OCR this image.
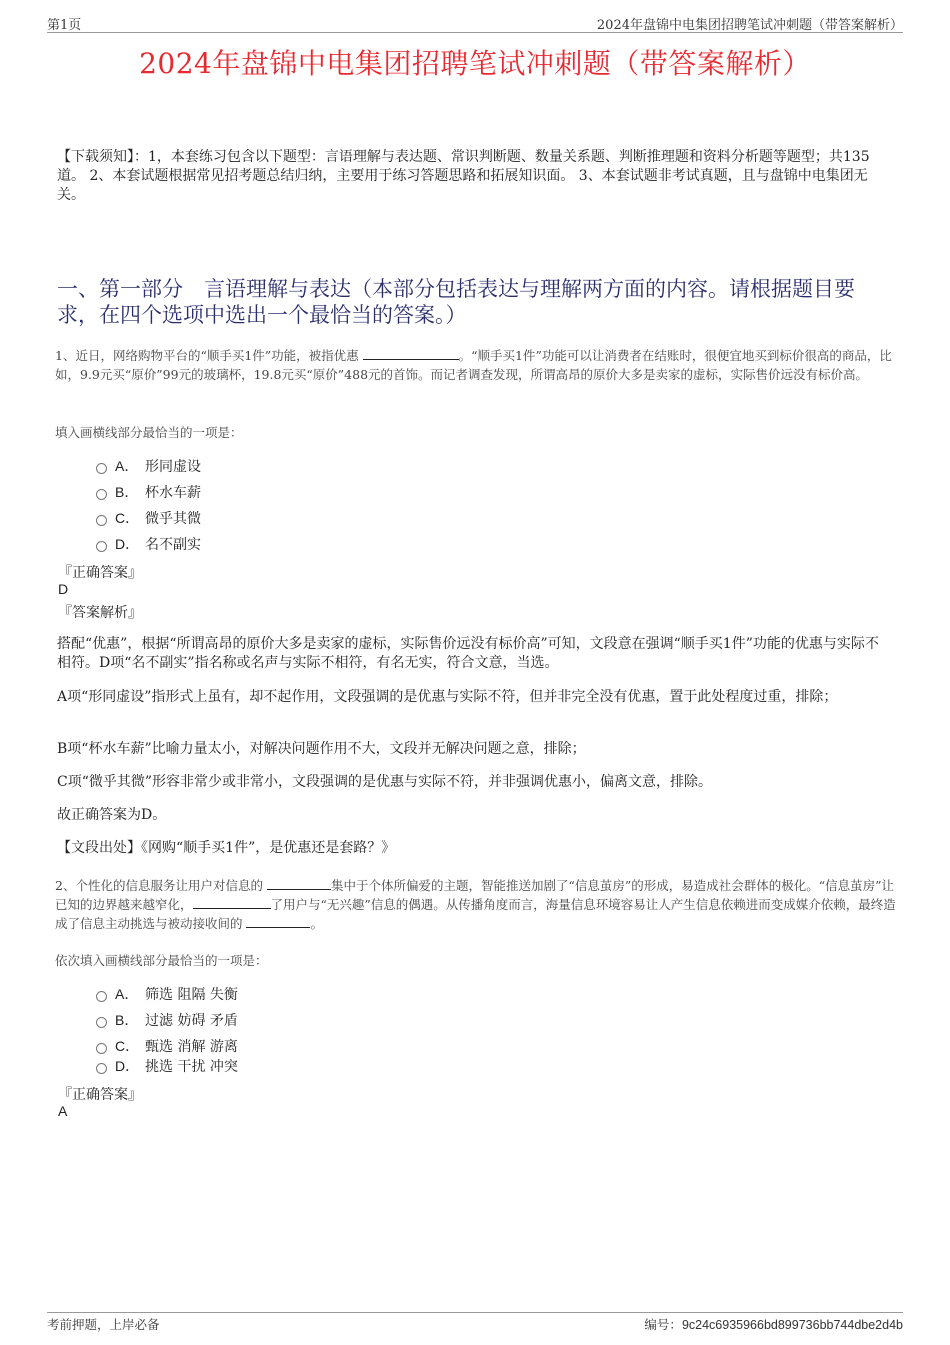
第1页	2024年盘锦中电集团招聘笔试冲刺题（带答案解析）
2024年盘锦中电集团招聘笔试冲刺题（带答案解析）
【下载须知】：1，本套练习包含以下题型：言语理解与表达题、常识判断题、数量关系题、判断推理题和资料分析题等题型；共135道。 2、本套试题根据常见招考题总结归纳，主要用于练习答题思路和拓展知识面。 3、本套试题非考试真题，且与盘锦中电集团无关。
一、第一部分　言语理解与表达（本部分包括表达与理解两方面的内容。请根据题目要求，在四个选项中选出一个最恰当的答案。）
1、近日，网络购物平台的“顺手买1件”功能，被指优惠	。“顺手买1件”功能可以让消费者在结账时，很便宜地买到标价很高的商品，比如，9.9元买“原价”99元的玻璃杯，19.8元买“原价”488元的首饰。而记者调查发现，所谓高昂的原价大多是卖家的虚标，实际售价远没有标价高。
填入画横线部分最恰当的一项是：
A． 形同虚设
B． 杯水车薪
C． 微乎其微
D． 名不副实
『正确答案』
D
『答案解析』
搭配“优惠”，根据“所谓高昂的原价大多是卖家的虚标，实际售价远没有标价高”可知，文段意在强调“顺手买1件”功能的优惠与实际不相符。D项“名不副实”指名称或名声与实际不相符，有名无实，符合文意，当选。
A项“形同虚设”指形式上虽有，却不起作用，文段强调的是优惠与实际不符，但并非完全没有优惠，置于此处程度过重，排除；
B项“杯水车薪”比喻力量太小，对解决问题作用不大，文段并无解决问题之意，排除；
C项“微乎其微”形容非常少或非常小，文段强调的是优惠与实际不符，并非强调优惠小，偏离文意，排除。
故正确答案为D。
【文段出处】《网购“顺手买1件”，是优惠还是套路？》
2、个性化的信息服务让用户对信息的	集中于个体所偏爱的主题，智能推送加剧了“信息茧房”的形成，易造成社会群体的极化。“信息茧房”让已知的边界越来越窄化，	了用户与“无兴趣”信息的偶遇。从传播角度而言，海量信息环境容易让人产生信息依赖进而变成媒介依赖，最终造成了信息主动挑选与被动接收间的	。
依次填入画横线部分最恰当的一项是：
A． 筛选 阻隔 失衡
B． 过滤 妨碍 矛盾
C． 甄选 消解 游离
D． 挑选 干扰 冲突
『正确答案』
A
考前押题，上岸必备	编号：9c24c6935966bd899736bb744dbe2d4b
